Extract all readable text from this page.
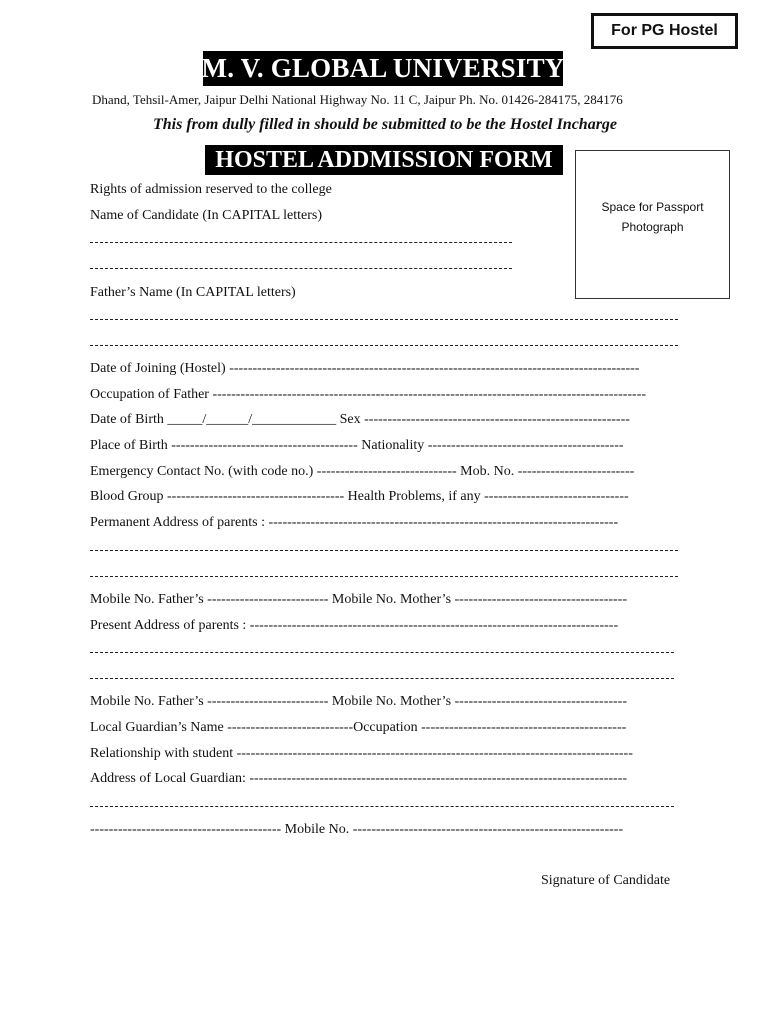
For PG Hostel
M. V. GLOBAL UNIVERSITY
Dhand, Tehsil-Amer, Jaipur Delhi National Highway No. 11 C, Jaipur Ph. No. 01426-284175, 284176
This from dully filled in should be submitted to be the Hostel Incharge
HOSTEL ADDMISSION FORM
Space for Passport
Photograph
Rights of admission reserved to the college
Name of Candidate (In CAPITAL letters)
Father’s Name (In CAPITAL letters)
Date of Joining (Hostel) ----------------------------------------------------------------------------------------
Occupation of Father ---------------------------------------------------------------------------------------------
Date of Birth _____/______/____________ Sex ---------------------------------------------------------
Place of Birth ---------------------------------------- Nationality ------------------------------------------
Emergency Contact No. (with code no.) ------------------------------ Mob. No. -------------------------
Blood Group -------------------------------------- Health Problems, if any -------------------------------
Permanent Address of parents : ---------------------------------------------------------------------------
Mobile No. Father’s -------------------------- Mobile No. Mother’s -------------------------------------
Present Address of parents : -------------------------------------------------------------------------------
Mobile No. Father’s -------------------------- Mobile No. Mother’s -------------------------------------
Local Guardian’s Name ---------------------------Occupation --------------------------------------------
Relationship with student -------------------------------------------------------------------------------------
Address of Local Guardian: ---------------------------------------------------------------------------------
----------------------------------------- Mobile No. ----------------------------------------------------------
Signature of Candidate
